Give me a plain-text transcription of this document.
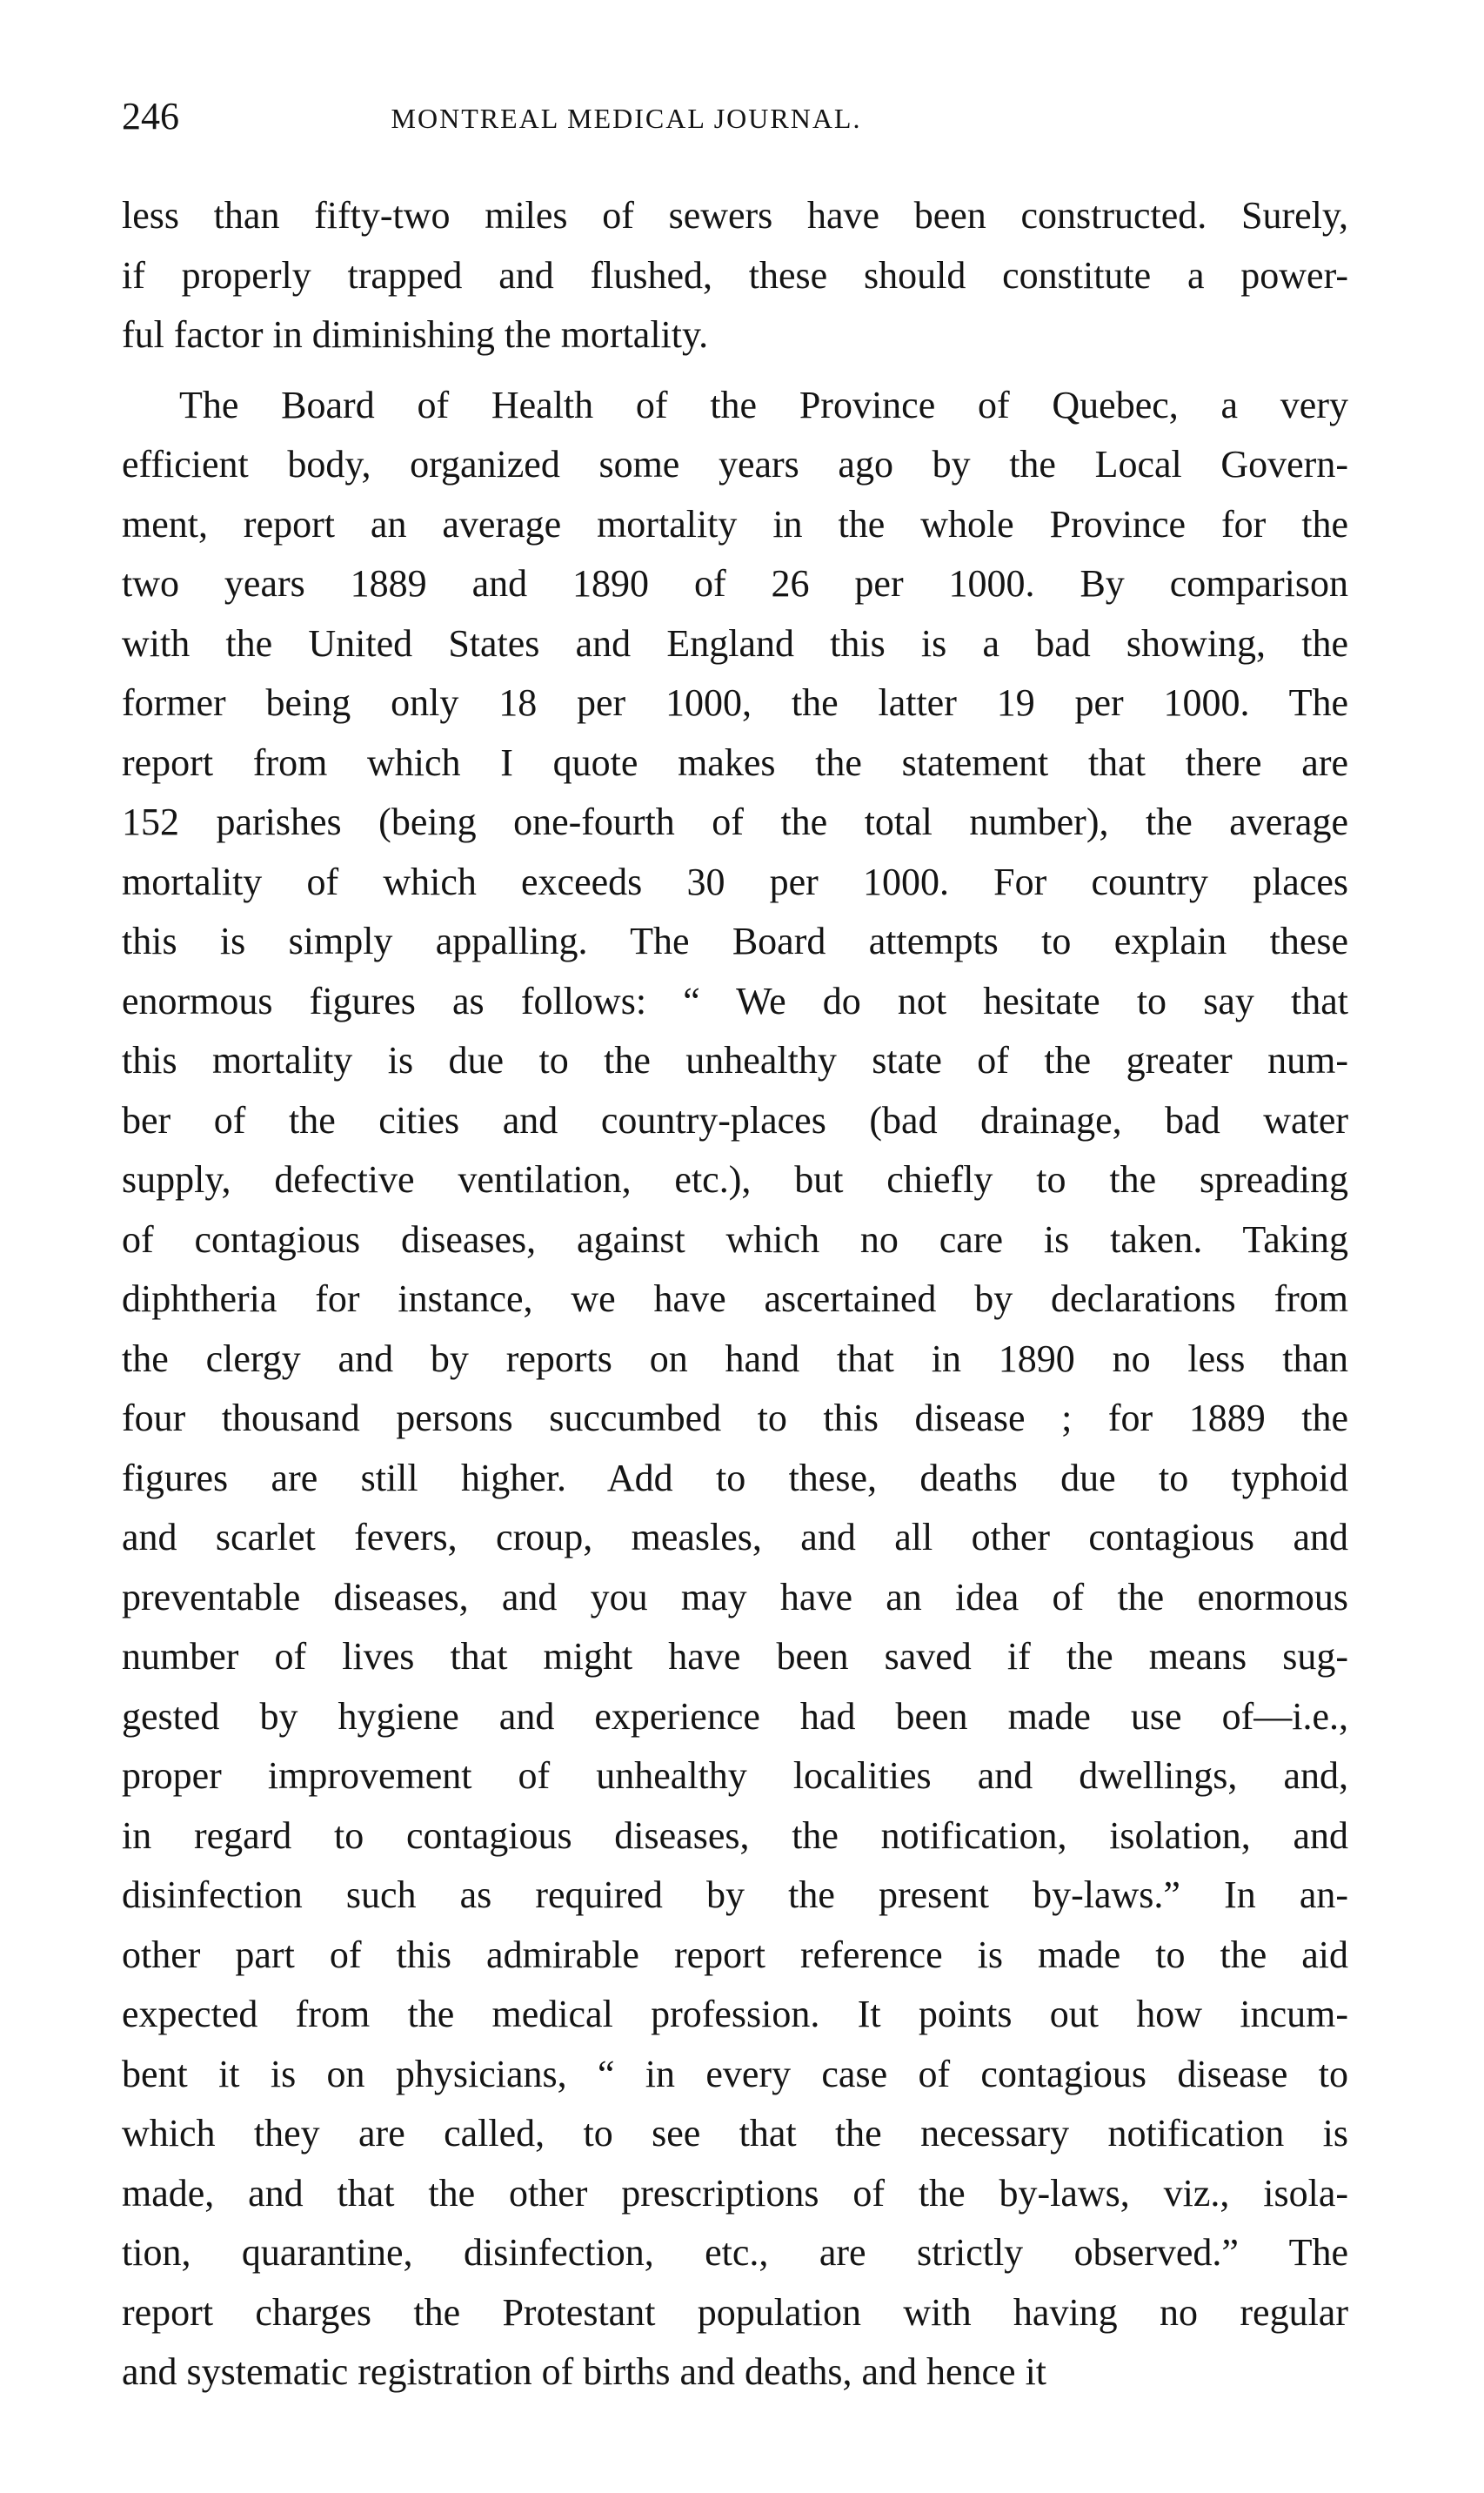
246	MONTREAL MEDICAL JOURNAL.
less than fifty-two miles of sewers have been constructed. Surely,
if properly trapped and flushed, these should constitute a power-
ful factor in diminishing the mortality.
The Board of Health of the Province of Quebec, a very
efficient body, organized some years ago by the Local Govern-
ment, report an average mortality in the whole Province for the
two years 1889 and 1890 of 26 per 1000. By comparison
with the United States and England this is a bad showing, the
former being only 18 per 1000, the latter 19 per 1000. The
report from which I quote makes the statement that there are
152 parishes (being one-fourth of the total number), the average
mortality of which exceeds 30 per 1000. For country places
this is simply appalling. The Board attempts to explain these
enormous figures as follows: “ We do not hesitate to say that
this mortality is due to the unhealthy state of the greater num-
ber of the cities and country-places (bad drainage, bad water
supply, defective ventilation, etc.), but chiefly to the spreading
of contagious diseases, against which no care is taken. Taking
diphtheria for instance, we have ascertained by declarations from
the clergy and by reports on hand that in 1890 no less than
four thousand persons succumbed to this disease ; for 1889 the
figures are still higher. Add to these, deaths due to typhoid
and scarlet fevers, croup, measles, and all other contagious and
preventable diseases, and you may have an idea of the enormous
number of lives that might have been saved if the means sug-
gested by hygiene and experience had been made use of—i.e.,
proper improvement of unhealthy localities and dwellings, and,
in regard to contagious diseases, the notification, isolation, and
disinfection such as required by the present by-laws.” In an-
other part of this admirable report reference is made to the aid
expected from the medical profession. It points out how incum-
bent it is on physicians, “ in every case of contagious disease to
which they are called, to see that the necessary notification is
made, and that the other prescriptions of the by-laws, viz., isola-
tion, quarantine, disinfection, etc., are strictly observed.” The
report charges the Protestant population with having no regular
and systematic registration of births and deaths, and hence it
